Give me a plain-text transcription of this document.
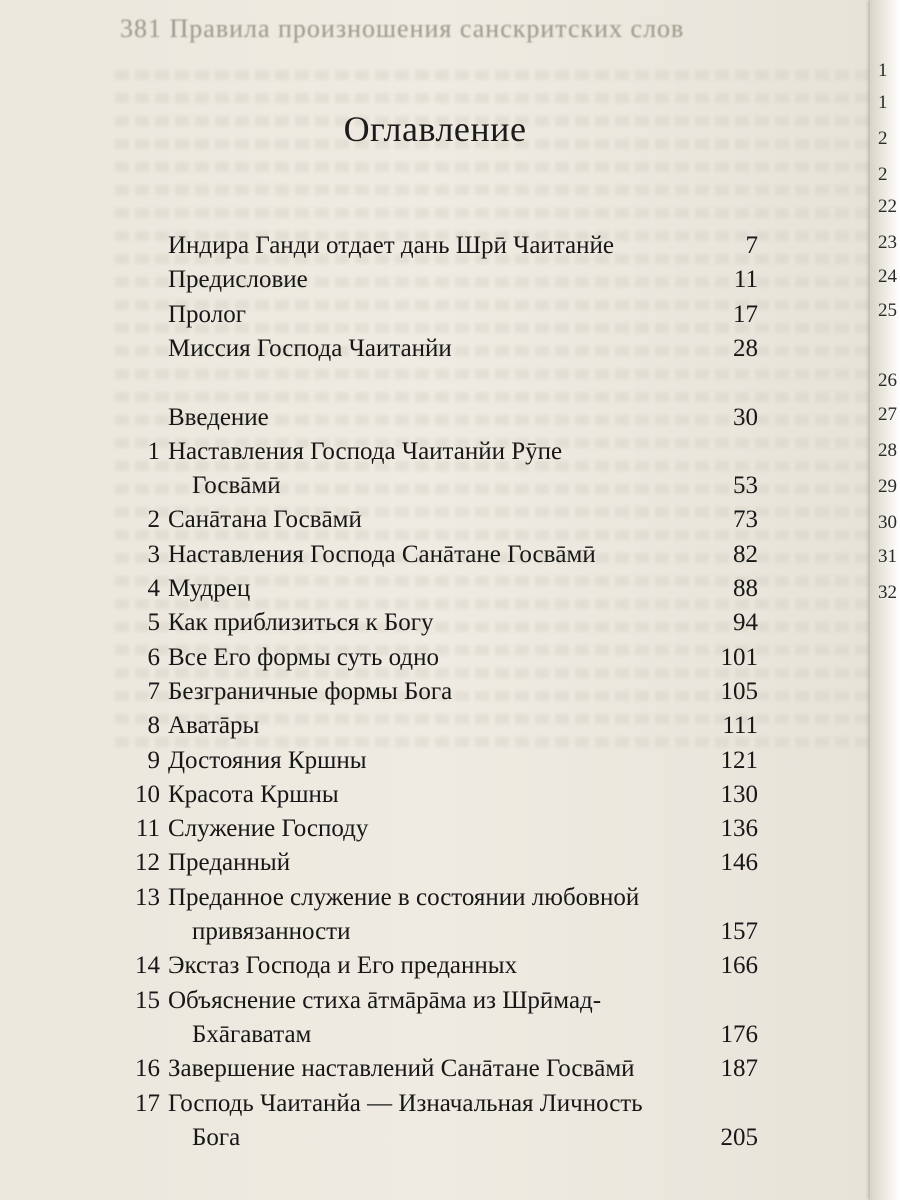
381 Правила произношения санскритских слов
1
1
2
2
22
23
24
25
26
27
28
29
30
31
32
Оглавление
Индира Ганди отдает дань Шрӣ Чаитанйе	7
Предисловие	11
Пролог	17
Миссия Господа Чаитанйи	28
Введение	30
1 Наставления Господа Чаитанйи Рӯпе
Госвāмӣ	53
2 Санāтана Госвāмӣ	73
3 Наставления Господа Санāтане Госвāмӣ	82
4 Мудрец	88
5 Как приблизиться к Богу	94
6 Все Его формы суть одно	101
7 Безграничные формы Бога	105
8 Аватāры	111
9 Достояния Кршны	121
10 Красота Кршны	130
11 Служение Господу	136
12 Преданный	146
13 Преданное служение в состоянии любовной
привязанности	157
14 Экстаз Господа и Его преданных	166
15 Объяснение стиха āтмāрāма из Шрӣмад-
Бхāгаватам	176
16 Завершение наставлений Санāтане Госвāмӣ	187
17 Господь Чаитанйа — Изначальная Личность
Бога	205
